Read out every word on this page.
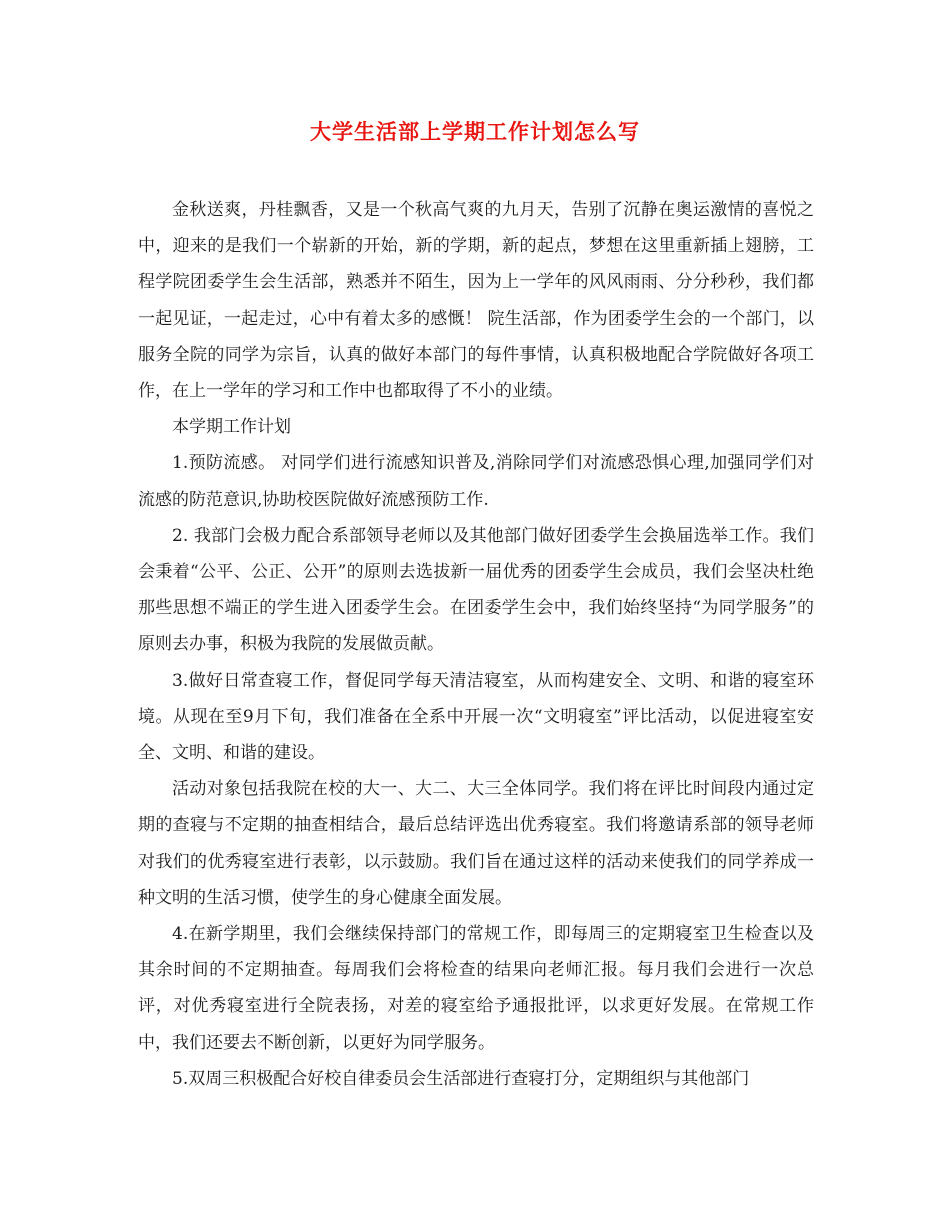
大学生活部上学期工作计划怎么写

金秋送爽，丹桂飘香，又是一个秋高气爽的九月天，告别了沉静在奥运激情的喜悦之中，迎来的是我们一个崭新的开始，新的学期，新的起点，梦想在这里重新插上翅膀，工程学院团委学生会生活部，熟悉并不陌生，因为上一学年的风风雨雨、分分秒秒，我们都一起见证，一起走过，心中有着太多的感慨！ 院生活部，作为团委学生会的一个部门，以服务全院的同学为宗旨，认真的做好本部门的每件事情，认真积极地配合学院做好各项工作，在上一学年的学习和工作中也都取得了不小的业绩。

本学期工作计划

1.预防流感。 对同学们进行流感知识普及,消除同学们对流感恐惧心理,加强同学们对流感的防范意识,协助校医院做好流感预防工作.

2. 我部门会极力配合系部领导老师以及其他部门做好团委学生会换届选举工作。我们会秉着“公平、公正、公开”的原则去选拔新一届优秀的团委学生会成员，我们会坚决杜绝那些思想不端正的学生进入团委学生会。在团委学生会中，我们始终坚持“为同学服务”的原则去办事，积极为我院的发展做贡献。

3.做好日常查寝工作，督促同学每天清洁寝室，从而构建安全、文明、和谐的寝室环境。从现在至9月下旬，我们准备在全系中开展一次“文明寝室”评比活动，以促进寝室安全、文明、和谐的建设。

活动对象包括我院在校的大一、大二、大三全体同学。我们将在评比时间段内通过定期的查寝与不定期的抽查相结合，最后总结评选出优秀寝室。我们将邀请系部的领导老师对我们的优秀寝室进行表彰，以示鼓励。我们旨在通过这样的活动来使我们的同学养成一种文明的生活习惯，使学生的身心健康全面发展。

4.在新学期里，我们会继续保持部门的常规工作，即每周三的定期寝室卫生检查以及其余时间的不定期抽查。每周我们会将检查的结果向老师汇报。每月我们会进行一次总评，对优秀寝室进行全院表扬，对差的寝室给予通报批评，以求更好发展。在常规工作中，我们还要去不断创新，以更好为同学服务。

5.双周三积极配合好校自律委员会生活部进行查寝打分，定期组织与其他部门
